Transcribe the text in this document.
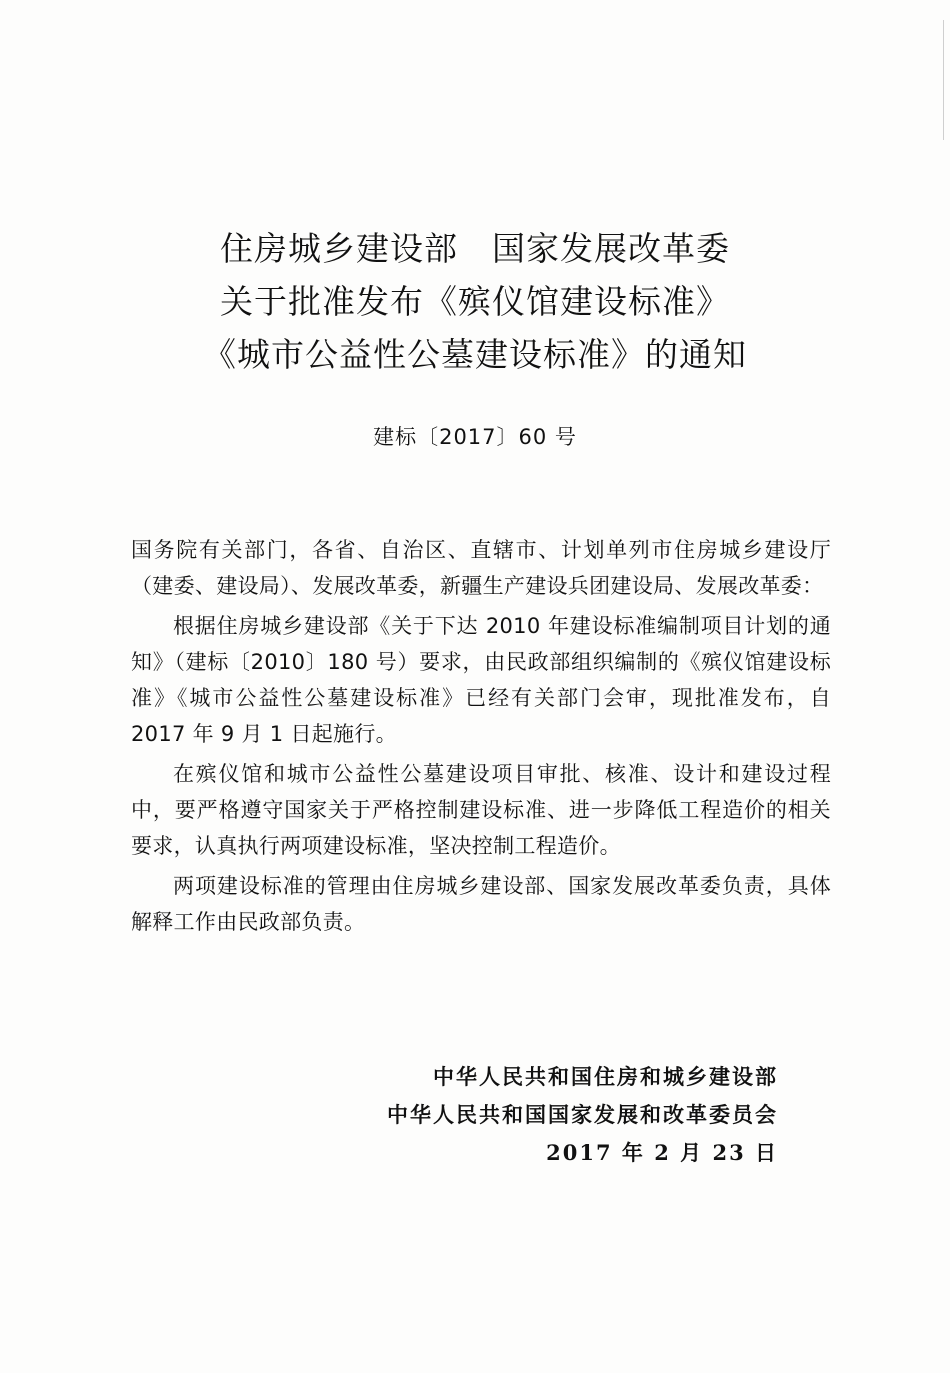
住房城乡建设部　国家发展改革委
关于批准发布《殡仪馆建设标准》
《城市公益性公墓建设标准》的通知
建标〔2017〕60 号

国务院有关部门，各省、自治区、直辖市、计划单列市住房城乡建设厅（建委、建设局）、发展改革委，新疆生产建设兵团建设局、发展改革委：

根据住房城乡建设部《关于下达 2010 年建设标准编制项目计划的通知》（建标〔2010〕180 号）要求，由民政部组织编制的《殡仪馆建设标准》《城市公益性公墓建设标准》已经有关部门会审，现批准发布，自 2017 年 9 月 1 日起施行。

在殡仪馆和城市公益性公墓建设项目审批、核准、设计和建设过程中，要严格遵守国家关于严格控制建设标准、进一步降低工程造价的相关要求，认真执行两项建设标准，坚决控制工程造价。

两项建设标准的管理由住房城乡建设部、国家发展改革委负责，具体解释工作由民政部负责。

中华人民共和国住房和城乡建设部
中华人民共和国国家发展和改革委员会
2017 年 2 月 23 日
